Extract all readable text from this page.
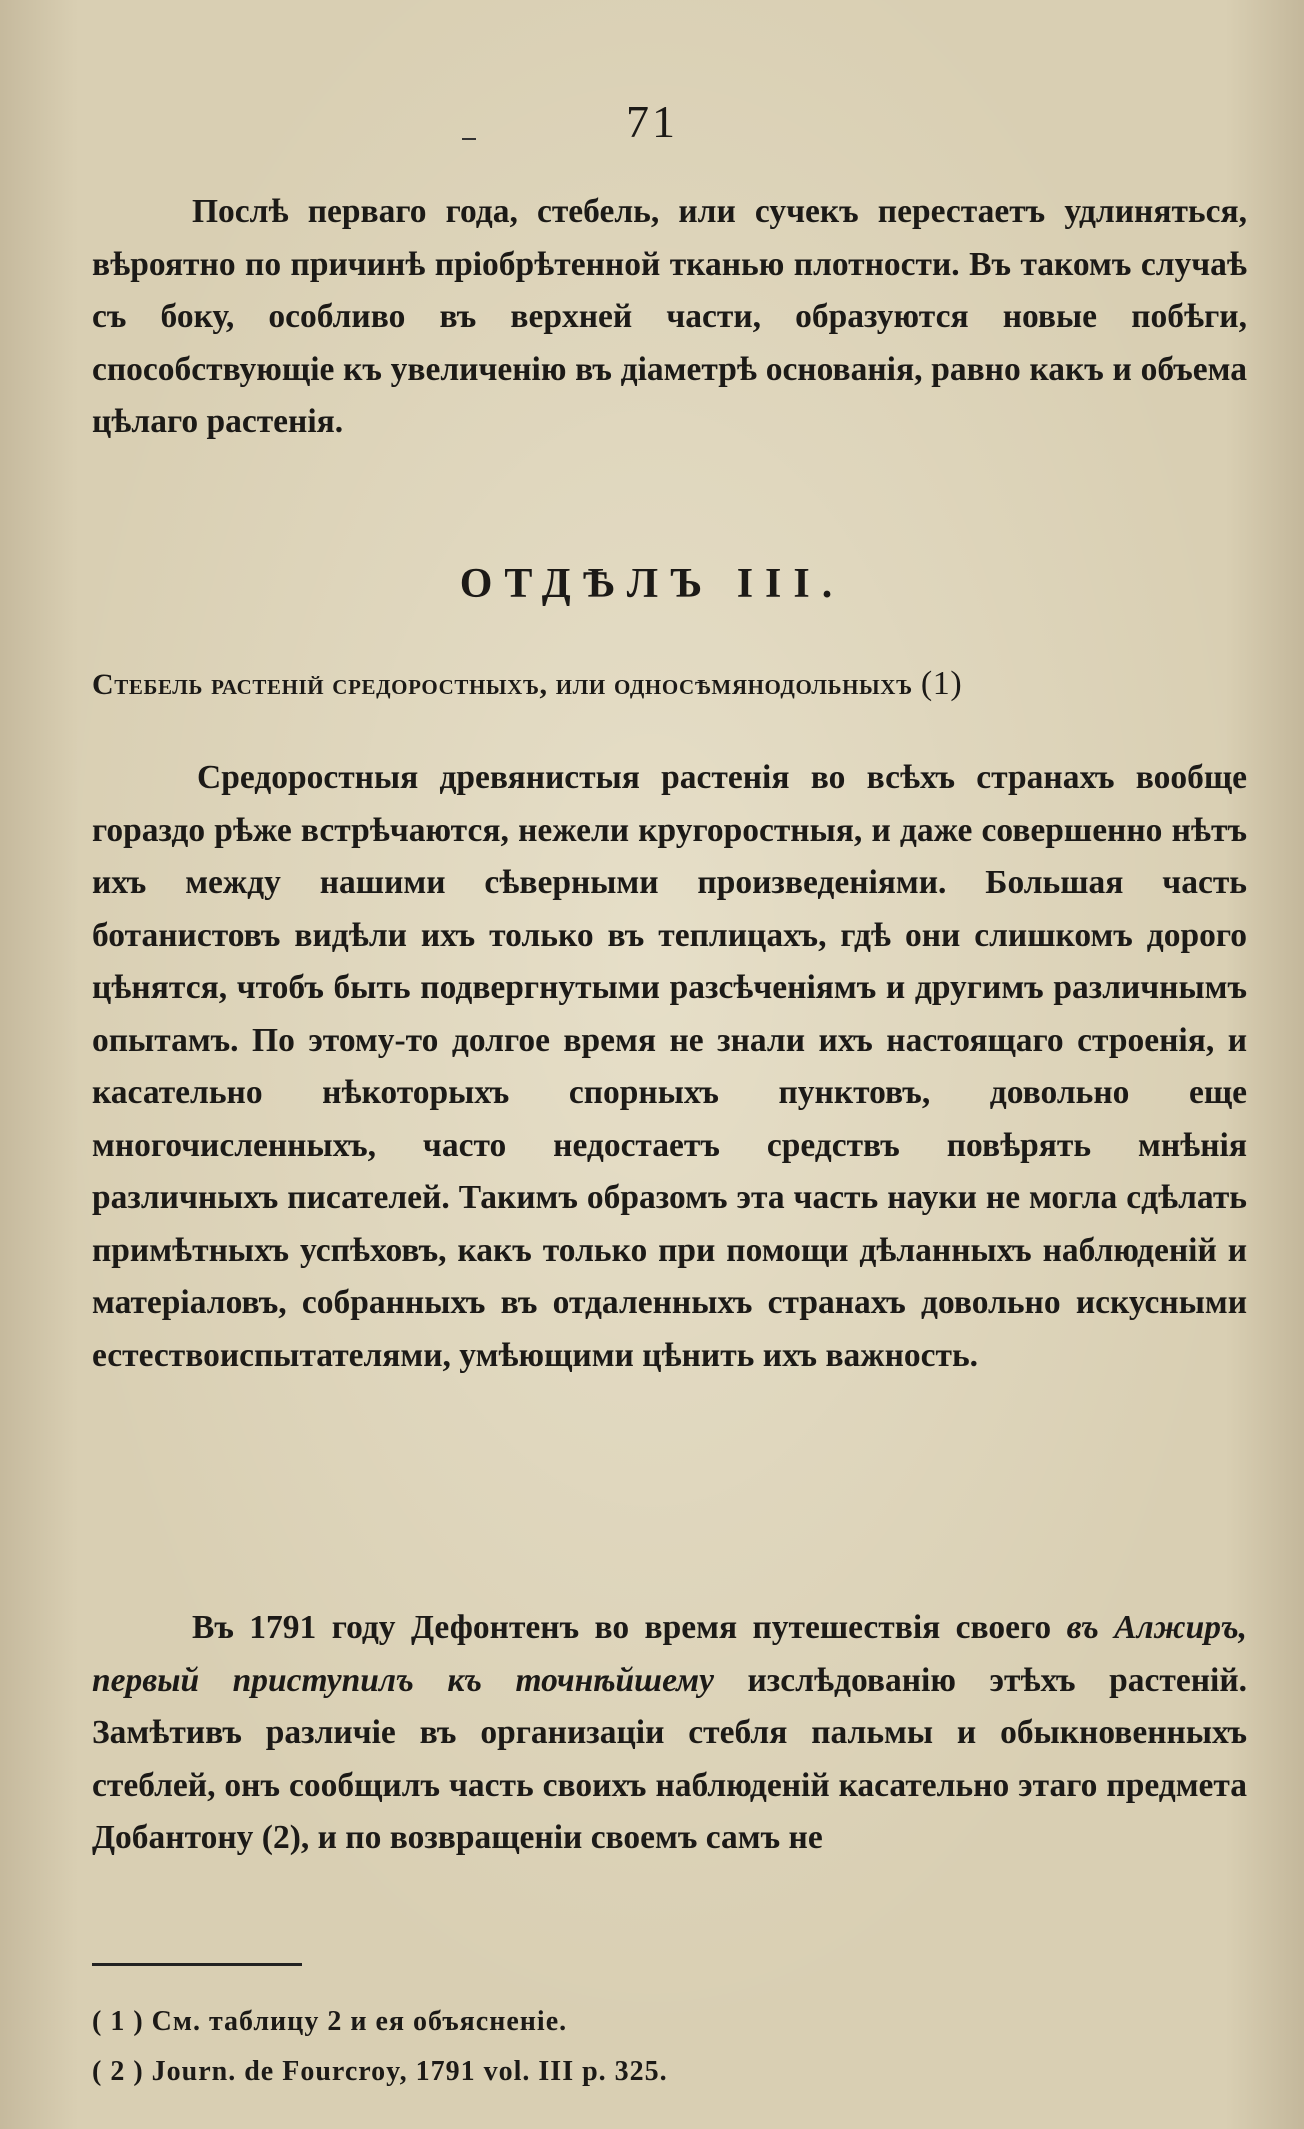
71

Послѣ перваго года, стебель, или сучекъ перестаетъ удлиняться, вѣроятно по причинѣ пріобрѣтенной тканью плотности. Въ такомъ случаѣ съ боку, особливо въ верхней части, образуются новые побѣги, способствующіе къ увеличенію въ діаметрѣ основанія, равно какъ и объема цѣлаго растенія.

ОТДѢЛЪ III.
Стебель растеній средоростныхъ, или односѣмянодольныхъ (1)

Средоростныя древянистыя растенія во всѣхъ странахъ вообще гораздо рѣже встрѣчаются, нежели кругоростныя, и даже совершенно нѣтъ ихъ между нашими сѣверными произведеніями. Большая часть ботанистовъ видѣли ихъ только въ теплицахъ, гдѣ они слишкомъ дорого цѣнятся, чтобъ быть подвергнутыми разсѣченіямъ и другимъ различнымъ опытамъ. По этому-то долгое время не знали ихъ настоящаго строенія, и касательно нѣкоторыхъ спорныхъ пунктовъ, довольно еще многочисленныхъ, часто недостаетъ средствъ повѣрять мнѣнія различныхъ писателей. Такимъ образомъ эта часть науки не могла сдѣлать примѣтныхъ успѣховъ, какъ только при помощи дѣланныхъ наблюденій и матеріаловъ, собранныхъ въ отдаленныхъ странахъ довольно искусными естествоиспытателями, умѣющими цѣнить ихъ важность.

Въ 1791 году Дефонтенъ во время путешествія своего въ Алжиръ, первый приступилъ къ точнѣйшему изслѣдованію этѣхъ растеній. Замѣтивъ различіе въ организаціи стебля пальмы и обыкновенныхъ стеблей, онъ сообщилъ часть своихъ наблюденій касательно этаго предмета Добантону (2), и по возвращеніи своемъ самъ не

( 1 ) См. таблицу 2 и ея объясненіе.
( 2 ) Journ. de Fourcroy, 1791 vol. III p. 325.
